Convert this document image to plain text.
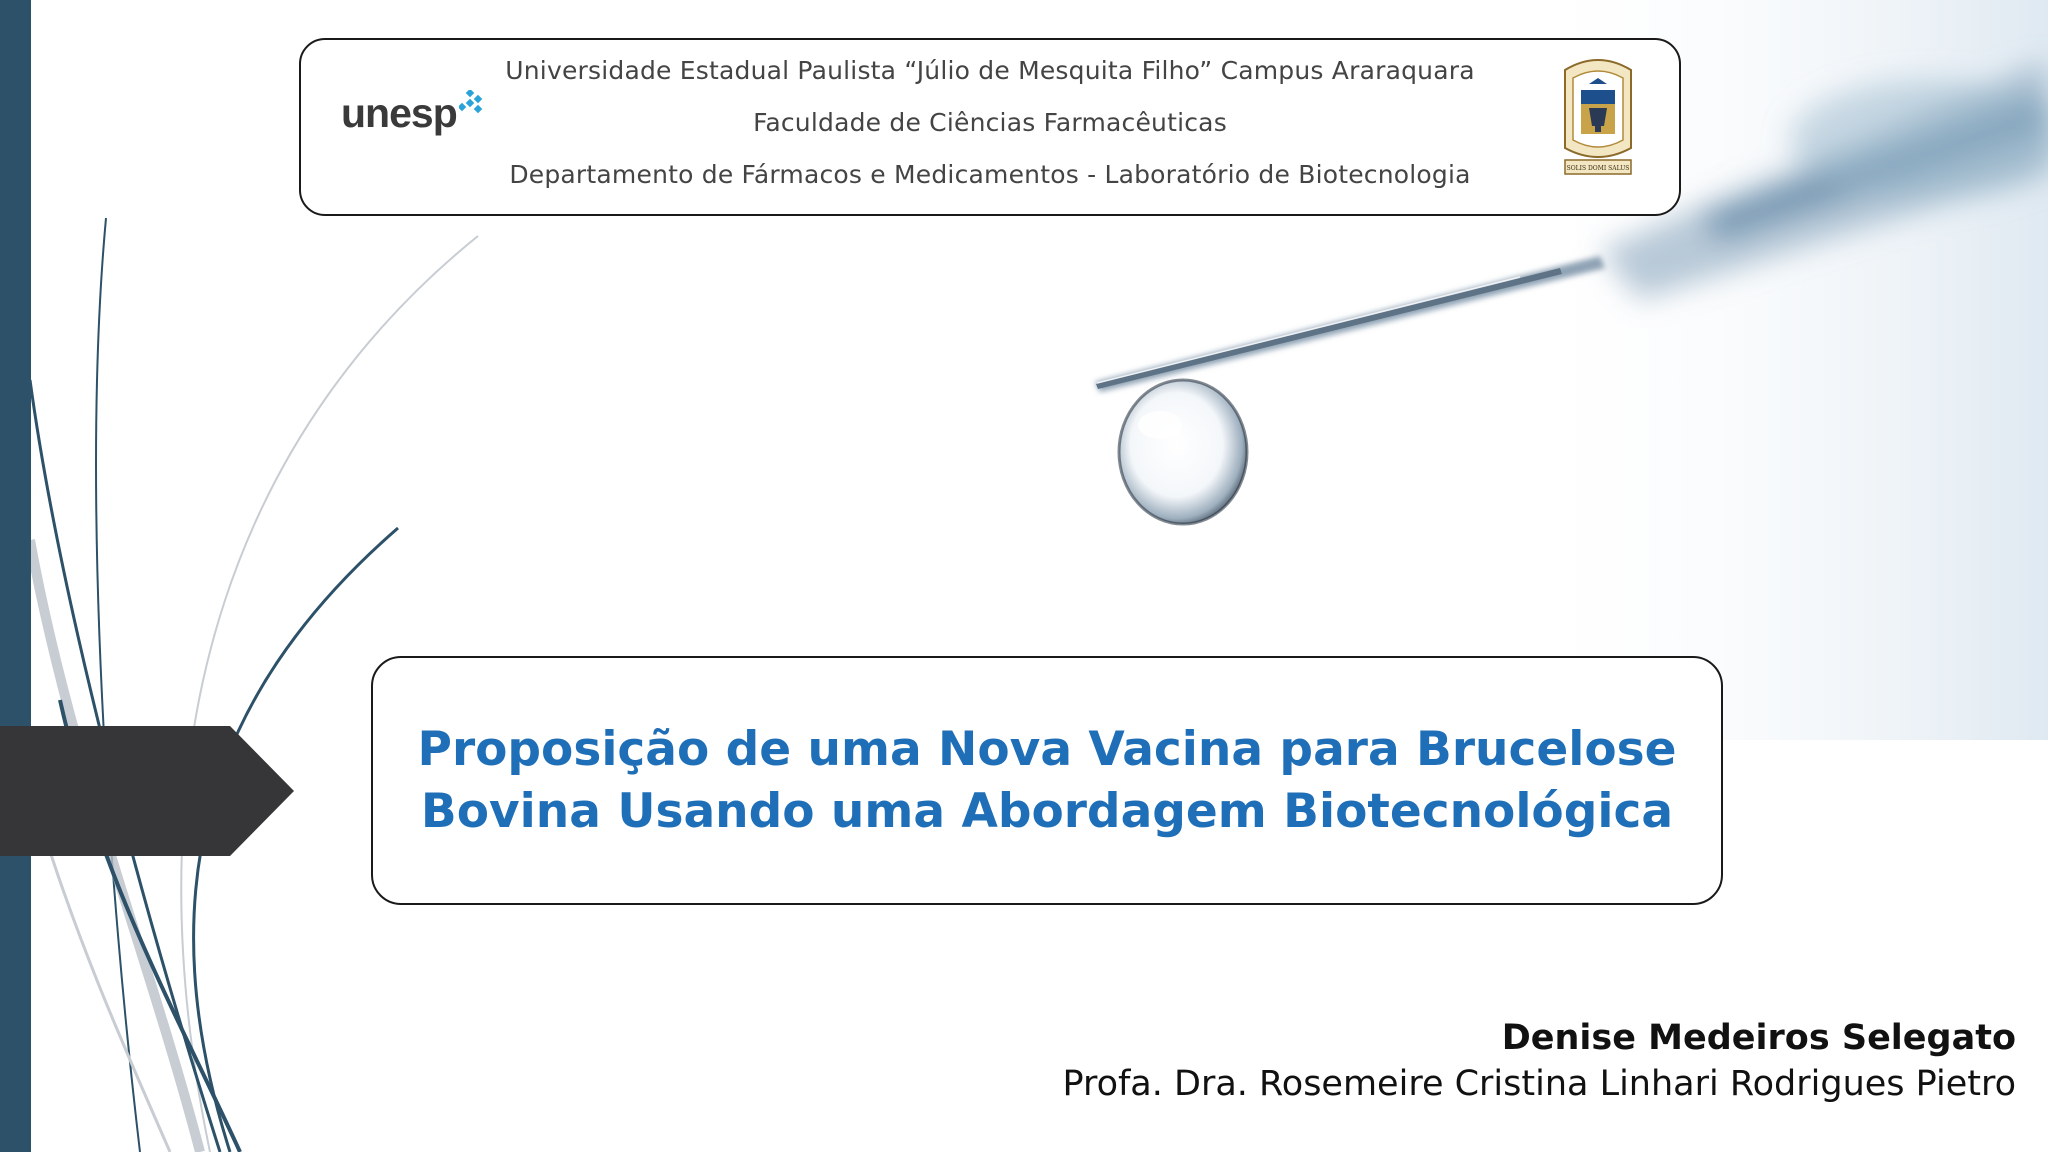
unesp
Universidade Estadual Paulista “Júlio de Mesquita Filho” Campus Araraquara
Faculdade de Ciências Farmacêuticas
Departamento de Fármacos e Medicamentos - Laboratório de Biotecnologia	SOLIS DOMI SALUS
Proposição de uma Nova Vacina para Brucelose
Bovina Usando uma Abordagem Biotecnológica
Denise Medeiros Selegato
Profa. Dra. Rosemeire Cristina Linhari Rodrigues Pietro
